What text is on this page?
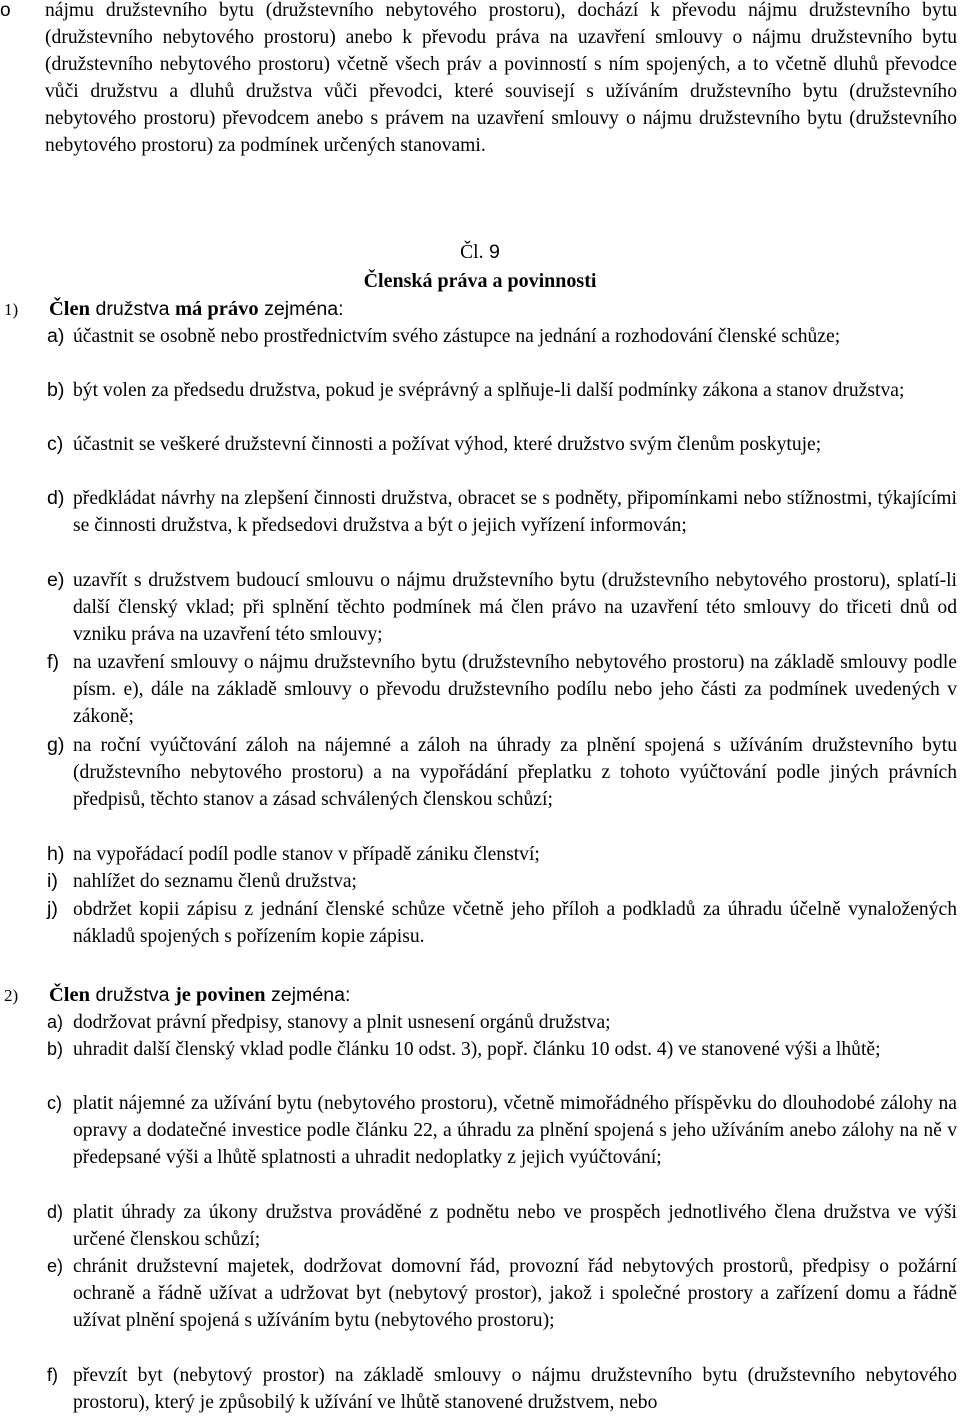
o nájmu družstevního bytu (družstevního nebytového prostoru), dochází k převodu nájmu družstevního bytu (družstevního nebytového prostoru) anebo k převodu práva na uzavření smlouvy o nájmu družstevního bytu (družstevního nebytového prostoru) včetně všech práv a povinností s ním spojených, a to včetně dluhů převodce vůči družstvu a dluhů družstva vůči převodci, které souvisejí s užíváním družstevního bytu (družstevního nebytového prostoru) převodcem anebo s právem na uzavření smlouvy o nájmu družstevního bytu (družstevního nebytového prostoru) za podmínek určených stanovami.
Čl. 9
Členská práva a povinnosti
1) Člen družstva má právo zejména:
a) účastnit se osobně nebo prostřednictvím svého zástupce na jednání a rozhodování členské schůze;
b) být volen za předsedu družstva, pokud je svéprávný a splňuje-li další podmínky zákona a stanov družstva;
c) účastnit se veškeré družstevní činnosti a požívat výhod, které družstvo svým členům poskytuje;
d) předkládat návrhy na zlepšení činnosti družstva, obracet se s podněty, připomínkami nebo stížnostmi, týkajícími se činnosti družstva, k předsedovi družstva a být o jejich vyřízení informován;
e) uzavřít s družstvem budoucí smlouvu o nájmu družstevního bytu (družstevního nebytového prostoru), splatí-li další členský vklad; při splnění těchto podmínek má člen právo na uzavření této smlouvy do třiceti dnů od vzniku práva na uzavření této smlouvy;
f) na uzavření smlouvy o nájmu družstevního bytu (družstevního nebytového prostoru) na základě smlouvy podle písm. e), dále na základě smlouvy o převodu družstevního podílu nebo jeho části za podmínek uvedených v zákoně;
g) na roční vyúčtování záloh na nájemné a záloh na úhrady za plnění spojená s užíváním družstevního bytu (družstevního nebytového prostoru) a na vypořádání přeplatku z tohoto vyúčtování podle jiných právních předpisů, těchto stanov a zásad schválených členskou schůzí;
h) na vypořádací podíl podle stanov v případě zániku členství;
i) nahlížet do seznamu členů družstva;
j) obdržet kopii zápisu z jednání členské schůze včetně jeho příloh a podkladů za úhradu účelně vynaložených nákladů spojených s pořízením kopie zápisu.
2) Člen družstva je povinen zejména:
a) dodržovat právní předpisy, stanovy a plnit usnesení orgánů družstva;
b) uhradit další členský vklad podle článku 10 odst. 3), popř. článku 10 odst. 4) ve stanovené výši a lhůtě;
c) platit nájemné za užívání bytu (nebytového prostoru), včetně mimořádného příspěvku do dlouhodobé zálohy na opravy a dodatečné investice podle článku 22, a úhradu za plnění spojená s jeho užíváním anebo zálohy na ně v předepsané výši a lhůtě splatnosti a uhradit nedoplatky z jejich vyúčtování;
d) platit úhrady za úkony družstva prováděné z podnětu nebo ve prospěch jednotlivého člena družstva ve výši určené členskou schůzí;
e) chránit družstevní majetek, dodržovat domovní řád, provozní řád nebytových prostorů, předpisy o požární ochraně a řádně užívat a udržovat byt (nebytový prostor), jakož i společné prostory a zařízení domu a řádně užívat plnění spojená s užíváním bytu (nebytového prostoru);
f) převzít byt (nebytový prostor) na základě smlouvy o nájmu družstevního bytu (družstevního nebytového prostoru), který je způsobilý k užívání ve lhůtě stanovené družstvem, nebo
